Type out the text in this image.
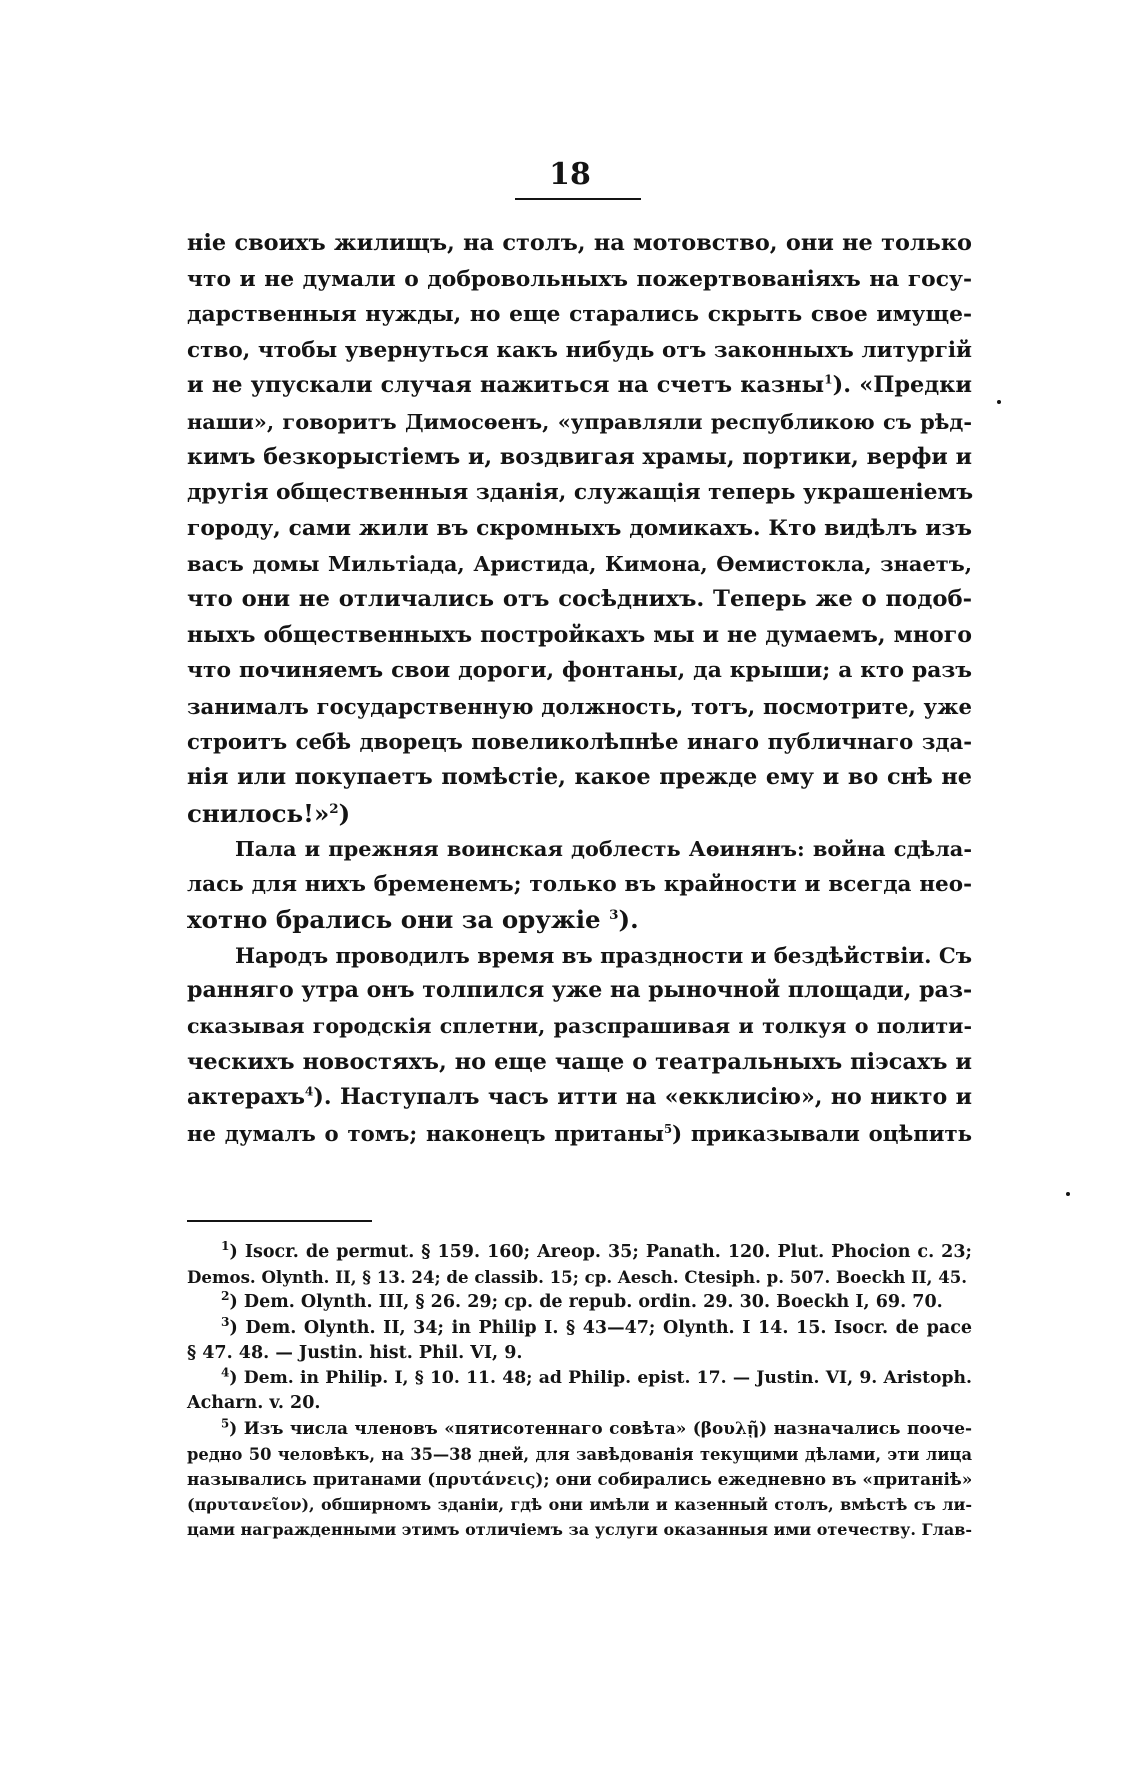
18
ніе своихъ жилищъ, на столъ, на мотовство, они не только
что и не думали о добровольныхъ пожертвованіяхъ на госу-
дарственныя нужды, но еще старались скрыть свое имуще-
ство, чтобы увернуться какъ нибудь отъ законныхъ литургій
и не упускали случая нажиться на счетъ казны$^1$). «Предки
наши», говоритъ Димосѳенъ, «управляли республикою съ рѣд-
кимъ безкорыстіемъ и, воздвигая храмы, портики, верфи и
другія общественныя зданія, служащія теперь украшеніемъ
городу, сами жили въ скромныхъ домикахъ. Кто видѣлъ изъ
васъ домы Мильтіада, Аристида, Кимона, Ѳемистокла, знаетъ,
что они не отличались отъ сосѣднихъ. Теперь же о подоб-
ныхъ общественныхъ постройкахъ мы и не думаемъ, много
что починяемъ свои дороги, фонтаны, да крыши; а кто разъ
занималъ государственную должность, тотъ, посмотрите, уже
строитъ себѣ дворецъ повеликолѣпнѣе инаго публичнаго зда-
нія или покупаетъ помѣстіе, какое прежде ему и во снѣ не
снилось!»$^2$)
Пала и прежняя воинская доблесть Аѳинянъ: война сдѣла-
лась для нихъ бременемъ; только въ крайности и всегда нео-
хотно брались они за оружіе $^3$).
Народъ проводилъ время въ праздности и бездѣйствіи. Съ
ранняго утра онъ толпился уже на рыночной площади, раз-
сказывая городскія сплетни, разспрашивая и толкуя о полити-
ческихъ новостяхъ, но еще чаще о театральныхъ піэсахъ и
актерахъ$^4$). Наступалъ часъ итти на «екклисію», но никто и
не думалъ о томъ; наконецъ пританы$^5$) приказывали оцѣпить
$^1$) Isocr. de permut. § 159. 160; Areop. 35; Panath. 120. Plut. Phocion c. 23;
Demos. Olynth. II, § 13. 24; de classib. 15; cp. Aesch. Ctesiph. p. 507. Boeckh II, 45.
$^2$) Dem. Olynth. III, § 26. 29; cp. de repub. ordin. 29. 30. Boeckh I, 69. 70.
$^3$) Dem. Olynth. II, 34; in Philip I. § 43—47; Olynth. I 14. 15. Isocr. de pace
§ 47. 48. — Justin. hist. Phil. VI, 9.
$^4$) Dem. in Philip. I, § 10. 11. 48; ad Philip. epist. 17. — Justin. VI, 9. Aristoph.
Acharn. v. 20.
$^5$) Изъ числа членовъ «пятисотеннаго совѣта» (βουλῇ) назначались пооче-
редно 50 человѣкъ, на 35—38 дней, для завѣдованія текущими дѣлами, эти лица
назывались пританами (πρυτάνεις); они собирались ежедневно въ «пританіѣ»
(πρυτανεῖον), обширномъ зданіи, гдѣ они имѣли и казенный столъ, вмѣстѣ съ ли-
цами награжденными этимъ отличіемъ за услуги оказанныя ими отечеству. Глав-
